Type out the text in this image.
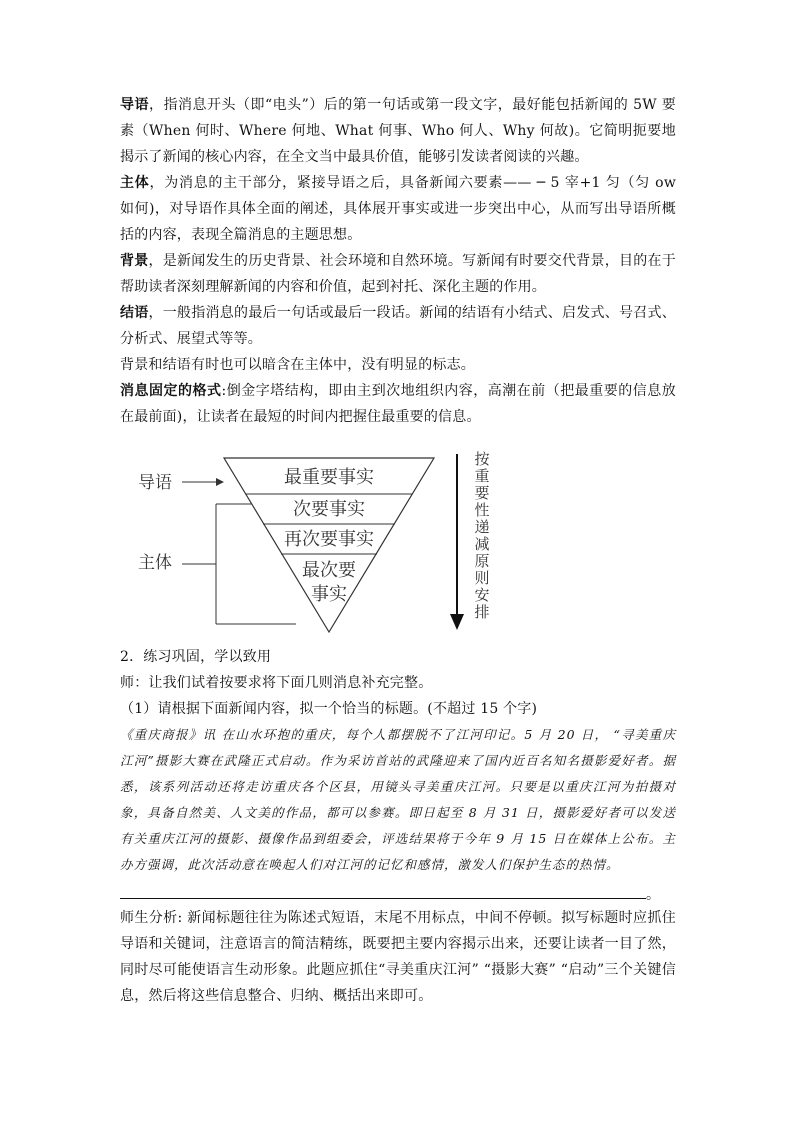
导语，指消息开头（即“电头”）后的第一句话或第一段文字，最好能包括新闻的 5W 要素（When 何时、Where 何地、What 何事、Who 何人、Why 何故)。它简明扼要地揭示了新闻的核心内容，在全文当中最具价值，能够引发读者阅读的兴趣。

主体，为消息的主干部分，紧接导语之后，具备新闻六要素—— ─ 5 宰+1 匀（匀 ow 如何)，对导语作具体全面的阐述，具体展开事实或进一步突出中心，从而写出导语所概括的内容，表现全篇消息的主题思想。

背景，是新闻发生的历史背景、社会环境和自然环境。写新闻有时要交代背景，目的在于帮助读者深刻理解新闻的内容和价值，起到衬托、深化主题的作用。

结语，一般指消息的最后一句话或最后一段话。新闻的结语有小结式、启发式、号召式、分析式、展望式等等。

背景和结语有时也可以暗含在主体中，没有明显的标志。

消息固定的格式:倒金字塔结构，即由主到次地组织内容，高潮在前（把最重要的信息放在最前面)，让读者在最短的时间内把握住最重要的信息。

导语
主体
最重要事实
次要事实
再次要事实
最次要
事实
按
重
要
性
递
减
原
则
安
排

2．练习巩固，学以致用

师：让我们试着按要求将下面几则消息补充完整。

（1）请根据下面新闻内容，拟一个恰当的标题。(不超过 15 个字)

《重庆商报》讯 在山水环抱的重庆，每个人都摆脱不了江河印记。5 月 20 日， “寻美重庆江河”摄影大赛在武隆正式启动。作为采访首站的武隆迎来了国内近百名知名摄影爱好者。据悉，该系列活动还将走访重庆各个区县，用镜头寻美重庆江河。只要是以重庆江河为拍摄对象，具备自然美、人文美的作品，都可以参赛。即日起至 8 月 31 日，摄影爱好者可以发送有关重庆江河的摄影、摄像作品到组委会，评选结果将于今年 9 月 15 日在媒体上公布。主办方强调，此次活动意在唤起人们对江河的记忆和感情，激发人们保护生态的热情。

。

师生分析: 新闻标题往往为陈述式短语，末尾不用标点，中间不停顿。拟写标题时应抓住导语和关键词，注意语言的简洁精练，既要把主要内容揭示出来，还要让读者一目了然，同时尽可能使语言生动形象。此题应抓住“寻美重庆江河” “摄影大赛” “启动”三个关键信息，然后将这些信息整合、归纳、概括出来即可。
